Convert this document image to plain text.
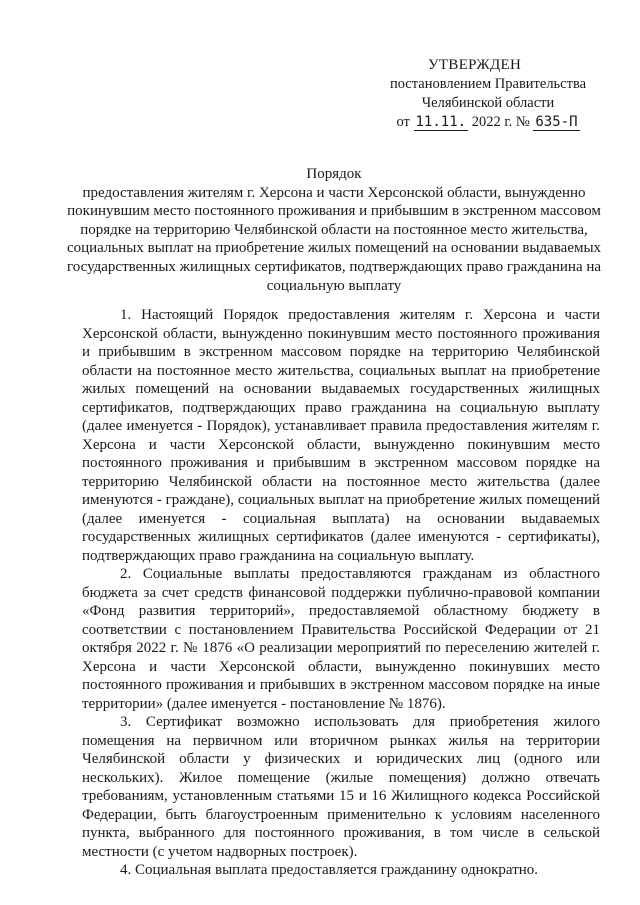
УТВЕРЖДЕН
постановлением Правительства
Челябинской области
от 11.11. 2022 г. № 635-П
Порядок
предоставления жителям г. Херсона и части Херсонской области, вынужденно покинувшим место постоянного проживания и прибывшим в экстренном массовом порядке на территорию Челябинской области на постоянное место жительства, социальных выплат на приобретение жилых помещений на основании выдаваемых государственных жилищных сертификатов, подтверждающих право гражданина на социальную выплату

1. Настоящий Порядок предоставления жителям г. Херсона и части Херсонской области, вынужденно покинувшим место постоянного проживания и прибывшим в экстренном массовом порядке на территорию Челябинской области на постоянное место жительства, социальных выплат на приобретение жилых помещений на основании выдаваемых государственных жилищных сертификатов, подтверждающих право гражданина на социальную выплату (далее именуется - Порядок), устанавливает правила предоставления жителям г. Херсона и части Херсонской области, вынужденно покинувшим место постоянного проживания и прибывшим в экстренном массовом порядке на территорию Челябинской области на постоянное место жительства (далее именуются - граждане), социальных выплат на приобретение жилых помещений (далее именуется - социальная выплата) на основании выдаваемых государственных жилищных сертификатов (далее именуются - сертификаты), подтверждающих право гражданина на социальную выплату.

2. Социальные выплаты предоставляются гражданам из областного бюджета за счет средств финансовой поддержки публично-правовой компании «Фонд развития территорий», предоставляемой областному бюджету в соответствии с постановлением Правительства Российской Федерации от 21 октября 2022 г. № 1876 «О реализации мероприятий по переселению жителей г. Херсона и части Херсонской области, вынужденно покинувших место постоянного проживания и прибывших в экстренном массовом порядке на иные территории» (далее именуется - постановление № 1876).

3. Сертификат возможно использовать для приобретения жилого помещения на первичном или вторичном рынках жилья на территории Челябинской области у физических и юридических лиц (одного или нескольких). Жилое помещение (жилые помещения) должно отвечать требованиям, установленным статьями 15 и 16 Жилищного кодекса Российской Федерации, быть благоустроенным применительно к условиям населенного пункта, выбранного для постоянного проживания, в том числе в сельской местности (с учетом надворных построек).

4. Социальная выплата предоставляется гражданину однократно.
